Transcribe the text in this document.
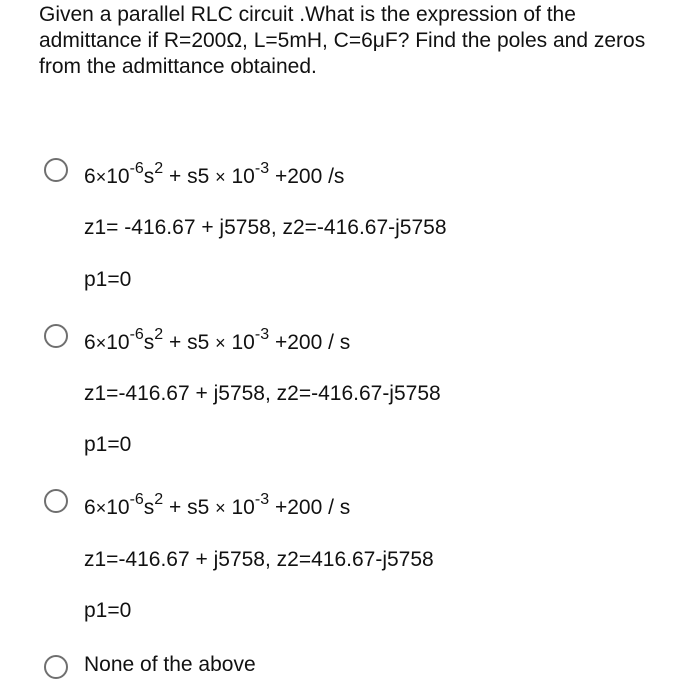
Given a parallel RLC circuit .What is the expression of the admittance if R=200Ω, L=5mH, C=6μF? Find the poles and zeros from the admittance obtained.
$6\times 10^{-6}s^2 + s5 \times 10^{-3} +200$ /s
z1= -416.67 + j5758, z2=-416.67-j5758
p1=0
$6\times 10^{-6}s^2 + s5 \times 10^{-3} +200 / s$
z1=-416.67 + j5758, z2=-416.67-j5758
p1=0
$6\times 10^{-6}s^2 + s5 \times 10^{-3} +200 / s$
z1=-416.67 + j5758, z2=416.67-j5758
p1=0
None of the above
